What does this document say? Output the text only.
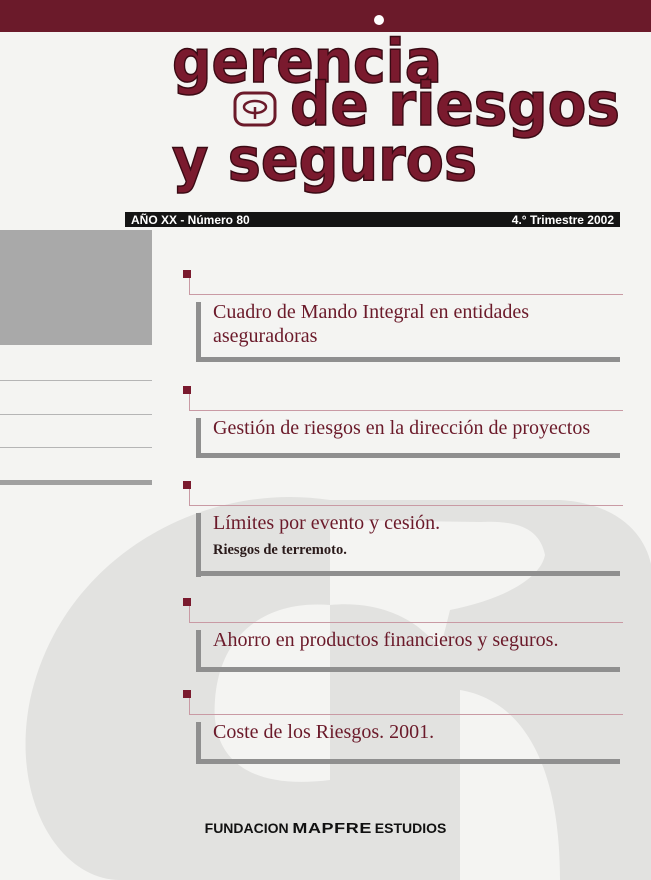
gerencia
de riesgos
y seguros
AÑO XX - Número 80	4.° Trimestre 2002
Cuadro de Mando Integral en entidades aseguradoras
Gestión de riesgos en la dirección de proyectos
Límites por evento y cesión.
Riesgos de terremoto.
Ahorro en productos financieros y seguros.
Coste de los Riesgos. 2001.
FUNDACION MAPFRE ESTUDIOS
